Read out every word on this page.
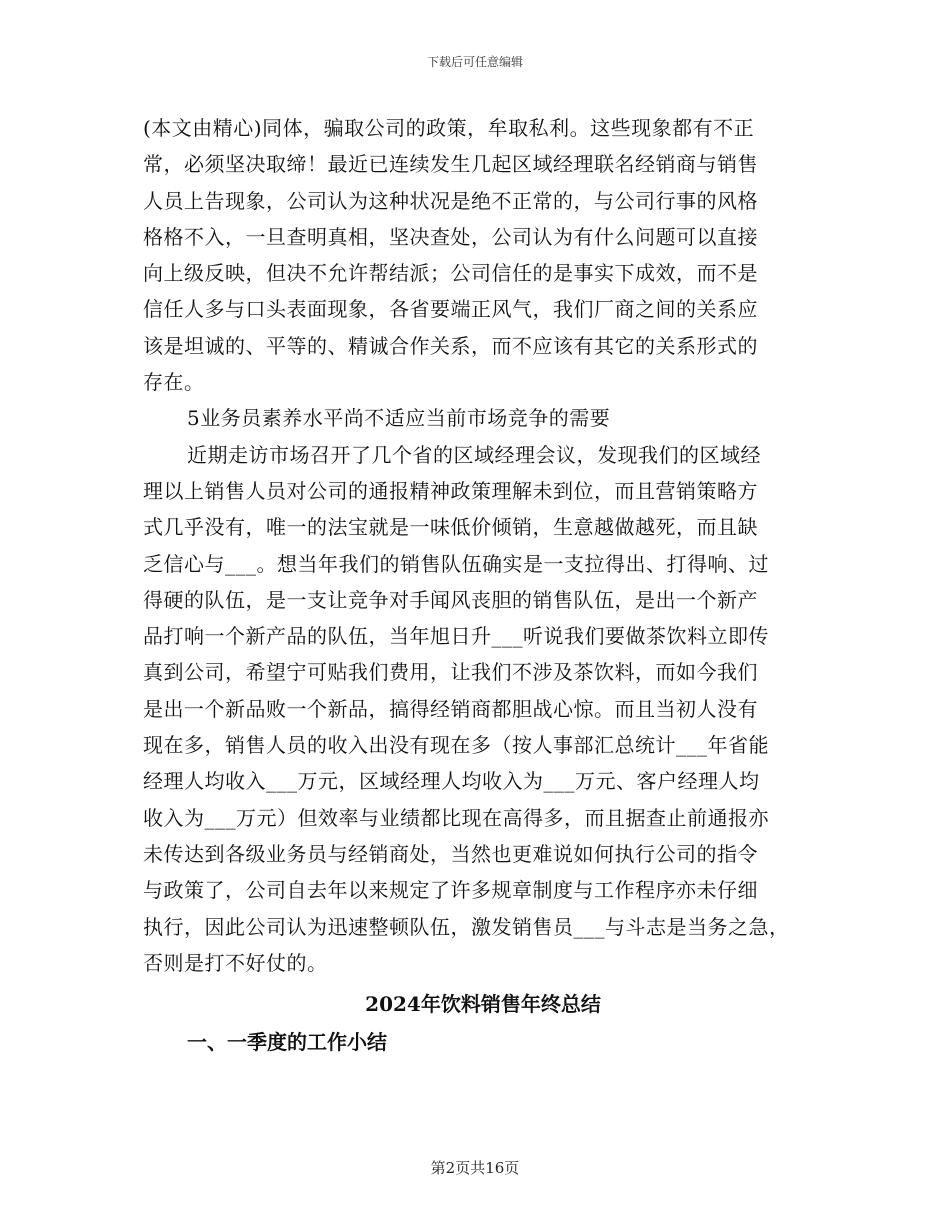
下载后可任意编辑
(本文由精心)同体，骗取公司的政策，牟取私利。这些现象都有不正
常，必须坚决取缔！最近已连续发生几起区域经理联名经销商与销售
人员上告现象，公司认为这种状况是绝不正常的，与公司行事的风格
格格不入，一旦查明真相，坚决查处，公司认为有什么问题可以直接
向上级反映，但决不允许帮结派；公司信任的是事实下成效，而不是
信任人多与口头表面现象，各省要端正风气，我们厂商之间的关系应
该是坦诚的、平等的、精诚合作关系，而不应该有其它的关系形式的
存在。
5业务员素养水平尚不适应当前市场竞争的需要
近期走访市场召开了几个省的区域经理会议，发现我们的区域经
理以上销售人员对公司的通报精神政策理解未到位，而且营销策略方
式几乎没有，唯一的法宝就是一味低价倾销，生意越做越死，而且缺
乏信心与___。想当年我们的销售队伍确实是一支拉得出、打得响、过
得硬的队伍，是一支让竞争对手闻风丧胆的销售队伍，是出一个新产
品打响一个新产品的队伍，当年旭日升___听说我们要做茶饮料立即传
真到公司，希望宁可贴我们费用，让我们不涉及茶饮料，而如今我们
是出一个新品败一个新品，搞得经销商都胆战心惊。而且当初人没有
现在多，销售人员的收入出没有现在多（按人事部汇总统计___年省能
经理人均收入___万元，区域经理人均收入为___万元、客户经理人均
收入为___万元）但效率与业绩都比现在高得多，而且据查止前通报亦
未传达到各级业务员与经销商处，当然也更难说如何执行公司的指令
与政策了，公司自去年以来规定了许多规章制度与工作程序亦未仔细
执行，因此公司认为迅速整顿队伍，激发销售员___与斗志是当务之急，
否则是打不好仗的。
2024年饮料销售年终总结
一、一季度的工作小结
第2页共16页
